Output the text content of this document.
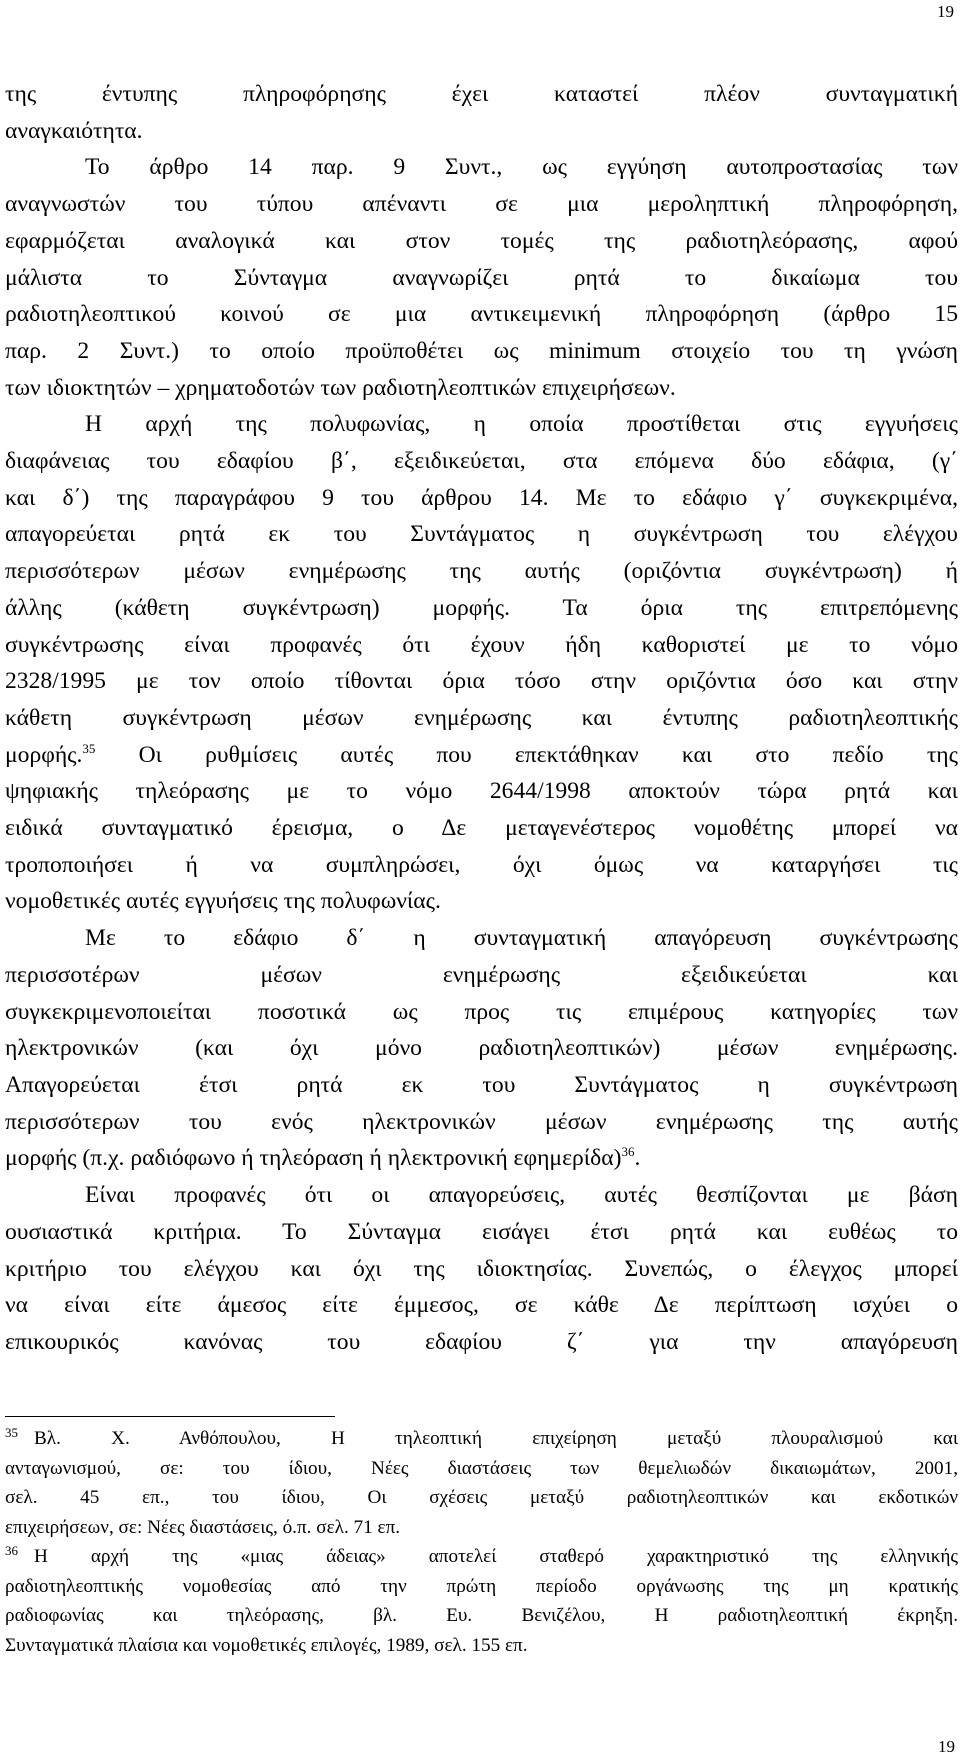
19
της έντυπης πληροφόρησης έχει καταστεί πλέον συνταγματική
αναγκαιότητα.
Το άρθρο 14 παρ. 9 Συντ., ως εγγύηση αυτοπροστασίας των
αναγνωστών του τύπου απέναντι σε μια μεροληπτική πληροφόρηση,
εφαρμόζεται αναλογικά και στον τομές της ραδιοτηλεόρασης, αφού
μάλιστα το Σύνταγμα αναγνωρίζει ρητά το δικαίωμα του
ραδιοτηλεοπτικού κοινού σε μια αντικειμενική πληροφόρηση (άρθρο 15
παρ. 2 Συντ.) το οποίο προϋποθέτει ως minimum στοιχείο του τη γνώση
των ιδιοκτητών – χρηματοδοτών των ραδιοτηλεοπτικών επιχειρήσεων.
Η αρχή της πολυφωνίας, η οποία προστίθεται στις εγγυήσεις
διαφάνειας του εδαφίου β΄, εξειδικεύεται, στα επόμενα δύο εδάφια, (γ΄
και δ΄) της παραγράφου 9 του άρθρου 14. Με το εδάφιο γ΄ συγκεκριμένα,
απαγορεύεται ρητά εκ του Συντάγματος η συγκέντρωση του ελέγχου
περισσότερων μέσων ενημέρωσης της αυτής (οριζόντια συγκέντρωση) ή
άλλης (κάθετη συγκέντρωση) μορφής. Τα όρια της επιτρεπόμενης
συγκέντρωσης είναι προφανές ότι έχουν ήδη καθοριστεί με το νόμο
2328/1995 με τον οποίο τίθονται όρια τόσο στην οριζόντια όσο και στην
κάθετη συγκέντρωση μέσων ενημέρωσης και έντυπης ραδιοτηλεοπτικής
μορφής.$^{35}$ Οι ρυθμίσεις αυτές που επεκτάθηκαν και στο πεδίο της
ψηφιακής τηλεόρασης με το νόμο 2644/1998 αποκτούν τώρα ρητά και
ειδικά συνταγματικό έρεισμα, ο Δε μεταγενέστερος νομοθέτης μπορεί να
τροποποιήσει ή να συμπληρώσει, όχι όμως να καταργήσει τις
νομοθετικές αυτές εγγυήσεις της πολυφωνίας.
Με το εδάφιο δ΄ η συνταγματική απαγόρευση συγκέντρωσης
περισσοτέρων μέσων ενημέρωσης εξειδικεύεται και
συγκεκριμενοποιείται ποσοτικά ως προς τις επιμέρους κατηγορίες των
ηλεκτρονικών (και όχι μόνο ραδιοτηλεοπτικών) μέσων ενημέρωσης.
Απαγορεύεται έτσι ρητά εκ του Συντάγματος η συγκέντρωση
περισσότερων του ενός ηλεκτρονικών μέσων ενημέρωσης της αυτής
μορφής (π.χ. ραδιόφωνο ή τηλεόραση ή ηλεκτρονική εφημερίδα)$^{36}$.
Είναι προφανές ότι οι απαγορεύσεις, αυτές θεσπίζονται με βάση
ουσιαστικά κριτήρια. Το Σύνταγμα εισάγει έτσι ρητά και ευθέως το
κριτήριο του ελέγχου και όχι της ιδιοκτησίας. Συνεπώς, ο έλεγχος μπορεί
να είναι είτε άμεσος είτε έμμεσος, σε κάθε Δε περίπτωση ισχύει ο
επικουρικός κανόνας του εδαφίου ζ΄ για την απαγόρευση
$^{35}$ Βλ. Χ. Ανθόπουλου, Η τηλεοπτική επιχείρηση μεταξύ πλουραλισμού και
ανταγωνισμού, σε: του ίδιου, Νέες διαστάσεις των θεμελιωδών δικαιωμάτων, 2001,
σελ. 45 επ., του ίδιου, Οι σχέσεις μεταξύ ραδιοτηλεοπτικών και εκδοτικών
επιχειρήσεων, σε: Νέες διαστάσεις, ό.π. σελ. 71 επ.
$^{36}$ Η αρχή της «μιας άδειας» αποτελεί σταθερό χαρακτηριστικό της ελληνικής
ραδιοτηλεοπτικής νομοθεσίας από την πρώτη περίοδο οργάνωσης της μη κρατικής
ραδιοφωνίας και τηλεόρασης, βλ. Ευ. Βενιζέλου, Η ραδιοτηλεοπτική έκρηξη.
Συνταγματικά πλαίσια και νομοθετικές επιλογές, 1989, σελ. 155 επ.
19
